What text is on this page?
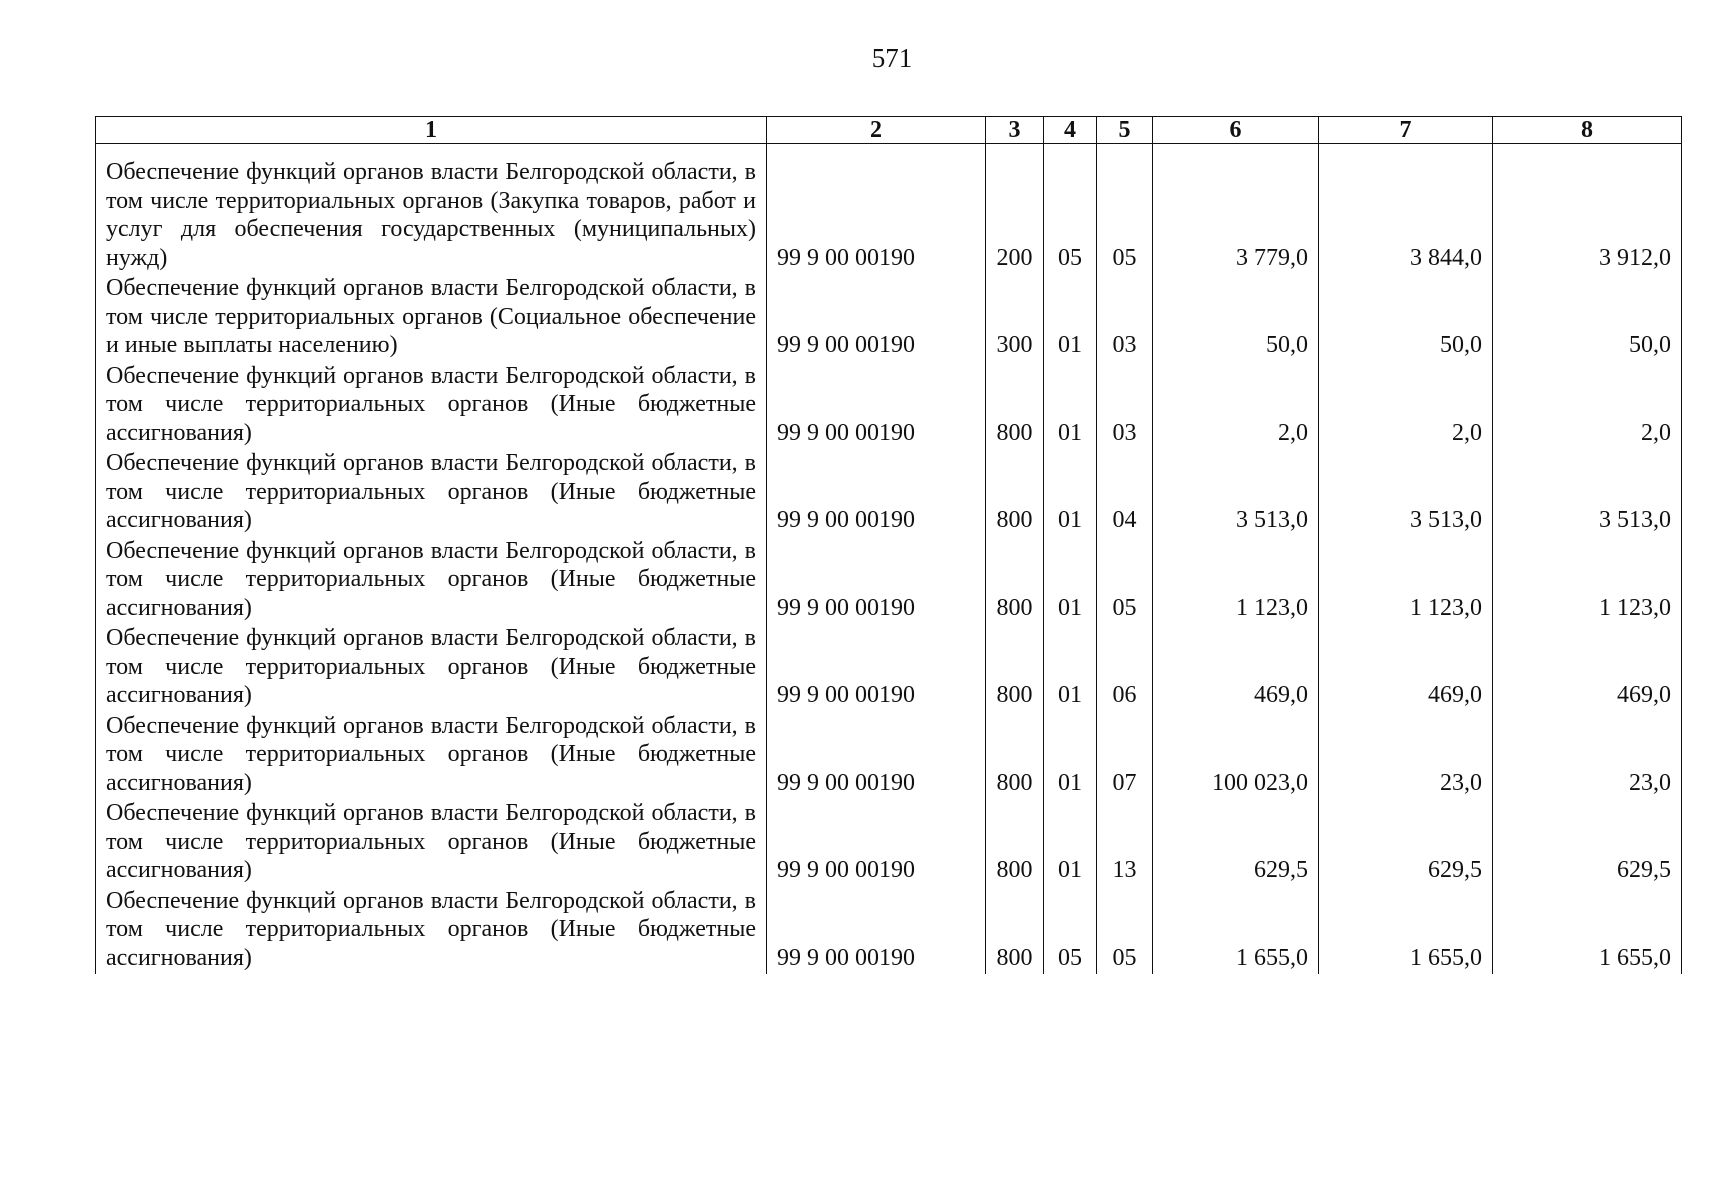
571
1	2	3	4	5	6	7	8
Обеспечение функций органов власти Белгородской области, в том числе территориальных органов (Закупка товаров, работ и услуг для обеспечения государственных (муниципальных) нужд)	99 9 00 00190	200	05	05	3 779,0	3 844,0	3 912,0
Обеспечение функций органов власти Белгородской области, в том числе территориальных органов (Социальное обеспечение и иные выплаты населению)	99 9 00 00190	300	01	03	50,0	50,0	50,0
Обеспечение функций органов власти Белгородской области, в том числе территориальных органов (Иные бюджетные ассигнования)	99 9 00 00190	800	01	03	2,0	2,0	2,0
Обеспечение функций органов власти Белгородской области, в том числе территориальных органов (Иные бюджетные ассигнования)	99 9 00 00190	800	01	04	3 513,0	3 513,0	3 513,0
Обеспечение функций органов власти Белгородской области, в том числе территориальных органов (Иные бюджетные ассигнования)	99 9 00 00190	800	01	05	1 123,0	1 123,0	1 123,0
Обеспечение функций органов власти Белгородской области, в том числе территориальных органов (Иные бюджетные ассигнования)	99 9 00 00190	800	01	06	469,0	469,0	469,0
Обеспечение функций органов власти Белгородской области, в том числе территориальных органов (Иные бюджетные ассигнования)	99 9 00 00190	800	01	07	100 023,0	23,0	23,0
Обеспечение функций органов власти Белгородской области, в том числе территориальных органов (Иные бюджетные ассигнования)	99 9 00 00190	800	01	13	629,5	629,5	629,5
Обеспечение функций органов власти Белгородской области, в том числе территориальных органов (Иные бюджетные ассигнования)	99 9 00 00190	800	05	05	1 655,0	1 655,0	1 655,0
